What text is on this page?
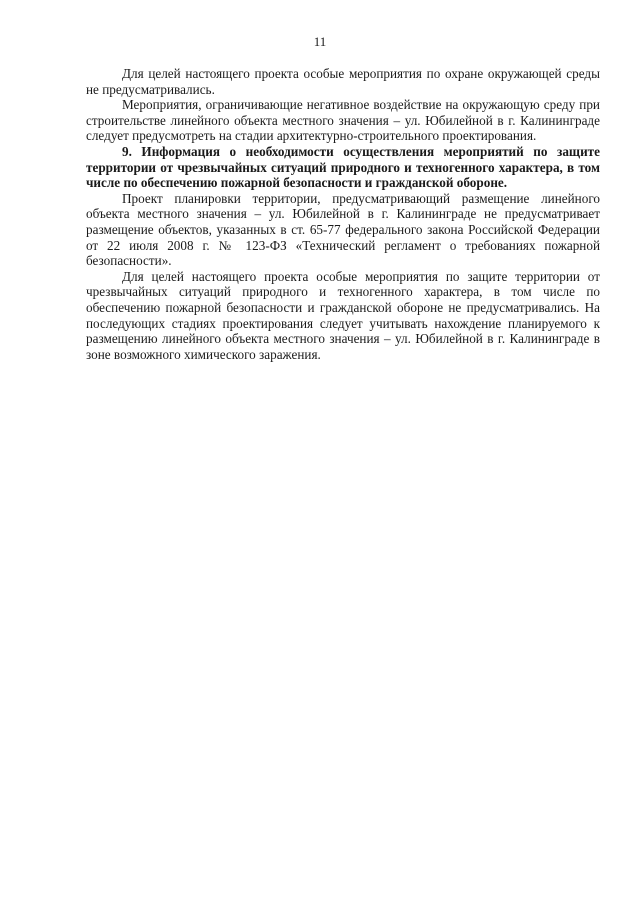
11

Для целей настоящего проекта особые мероприятия по охране окружающей среды не предусматривались.

Мероприятия, ограничивающие негативное воздействие на окружающую среду при строительстве линейного объекта местного значения – ул. Юбилейной в г. Калининграде следует предусмотреть на стадии архитектурно-строительного проектирования.

9. Информация о необходимости осуществления мероприятий по защите территории от чрезвычайных ситуаций природного и техногенного характера, в том числе по обеспечению пожарной безопасности и гражданской обороне.

Проект планировки территории, предусматривающий размещение линейного объекта местного значения – ул. Юбилейной в г. Калининграде не предусматривает размещение объектов, указанных в ст. 65-77 федерального закона Российской Федерации от 22 июля 2008 г. № 123-ФЗ «Технический регламент о требованиях пожарной безопасности».

Для целей настоящего проекта особые мероприятия по защите территории от чрезвычайных ситуаций природного и техногенного характера, в том числе по обеспечению пожарной безопасности и гражданской обороне не предусматривались. На последующих стадиях проектирования следует учитывать нахождение планируемого к размещению линейного объекта местного значения – ул. Юбилейной в г. Калининграде в зоне возможного химического заражения.
